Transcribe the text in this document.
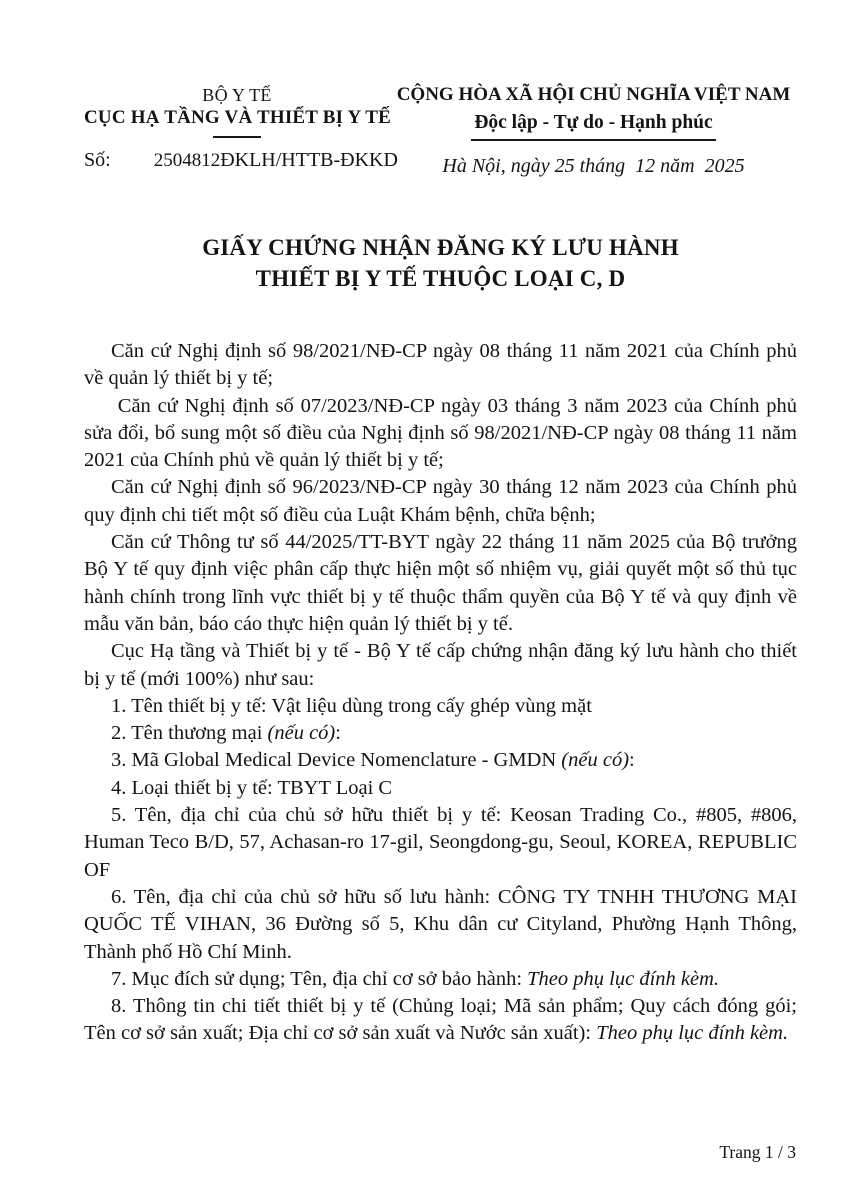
BỘ Y TẾ
CỤC HẠ TẦNG VÀ THIẾT BỊ Y TẾ
Số: 2504812ĐKLH/HTTB-ĐKKD
CỘNG HÒA XÃ HỘI CHỦ NGHĨA VIỆT NAM
Độc lập - Tự do - Hạnh phúc
Hà Nội, ngày 25 tháng  12 năm  2025
GIẤY CHỨNG NHẬN ĐĂNG KÝ LƯU HÀNH
THIẾT BỊ Y TẾ THUỘC LOẠI C, D

Căn cứ Nghị định số 98/2021/NĐ-CP ngày 08 tháng 11 năm 2021 của Chính phủ về quản lý thiết bị y tế;

Căn cứ Nghị định số 07/2023/NĐ-CP ngày 03 tháng 3 năm 2023 của Chính phủ sửa đổi, bổ sung một số điều của Nghị định số 98/2021/NĐ-CP ngày 08 tháng 11 năm 2021 của Chính phủ về quản lý thiết bị y tế;

Căn cứ Nghị định số 96/2023/NĐ-CP ngày 30 tháng 12 năm 2023 của Chính phủ quy định chi tiết một số điều của Luật Khám bệnh, chữa bệnh;

Căn cứ Thông tư số 44/2025/TT-BYT ngày 22 tháng 11 năm 2025 của Bộ trưởng Bộ Y tế quy định việc phân cấp thực hiện một số nhiệm vụ, giải quyết một số thủ tục hành chính trong lĩnh vực thiết bị y tế thuộc thẩm quyền của Bộ Y tế và quy định về mẫu văn bản, báo cáo thực hiện quản lý thiết bị y tế.

Cục Hạ tầng và Thiết bị y tế - Bộ Y tế cấp chứng nhận đăng ký lưu hành cho thiết bị y tế (mới 100%) như sau:

1. Tên thiết bị y tế: Vật liệu dùng trong cấy ghép vùng mặt

2. Tên thương mại (nếu có):

3. Mã Global Medical Device Nomenclature - GMDN (nếu có):

4. Loại thiết bị y tế: TBYT Loại C

5. Tên, địa chỉ của chủ sở hữu thiết bị y tế: Keosan Trading Co., #805, #806, Human Teco B/D, 57, Achasan-ro 17-gil, Seongdong-gu, Seoul, KOREA, REPUBLIC OF

6. Tên, địa chỉ của chủ sở hữu số lưu hành: CÔNG TY TNHH THƯƠNG MẠI QUỐC TẾ VIHAN, 36 Đường số 5, Khu dân cư Cityland, Phường Hạnh Thông, Thành phố Hồ Chí Minh.

7. Mục đích sử dụng; Tên, địa chỉ cơ sở bảo hành: Theo phụ lục đính kèm.

8. Thông tin chi tiết thiết bị y tế (Chủng loại; Mã sản phẩm; Quy cách đóng gói; Tên cơ sở sản xuất; Địa chỉ cơ sở sản xuất và Nước sản xuất): Theo phụ lục đính kèm.

Trang 1 / 3
